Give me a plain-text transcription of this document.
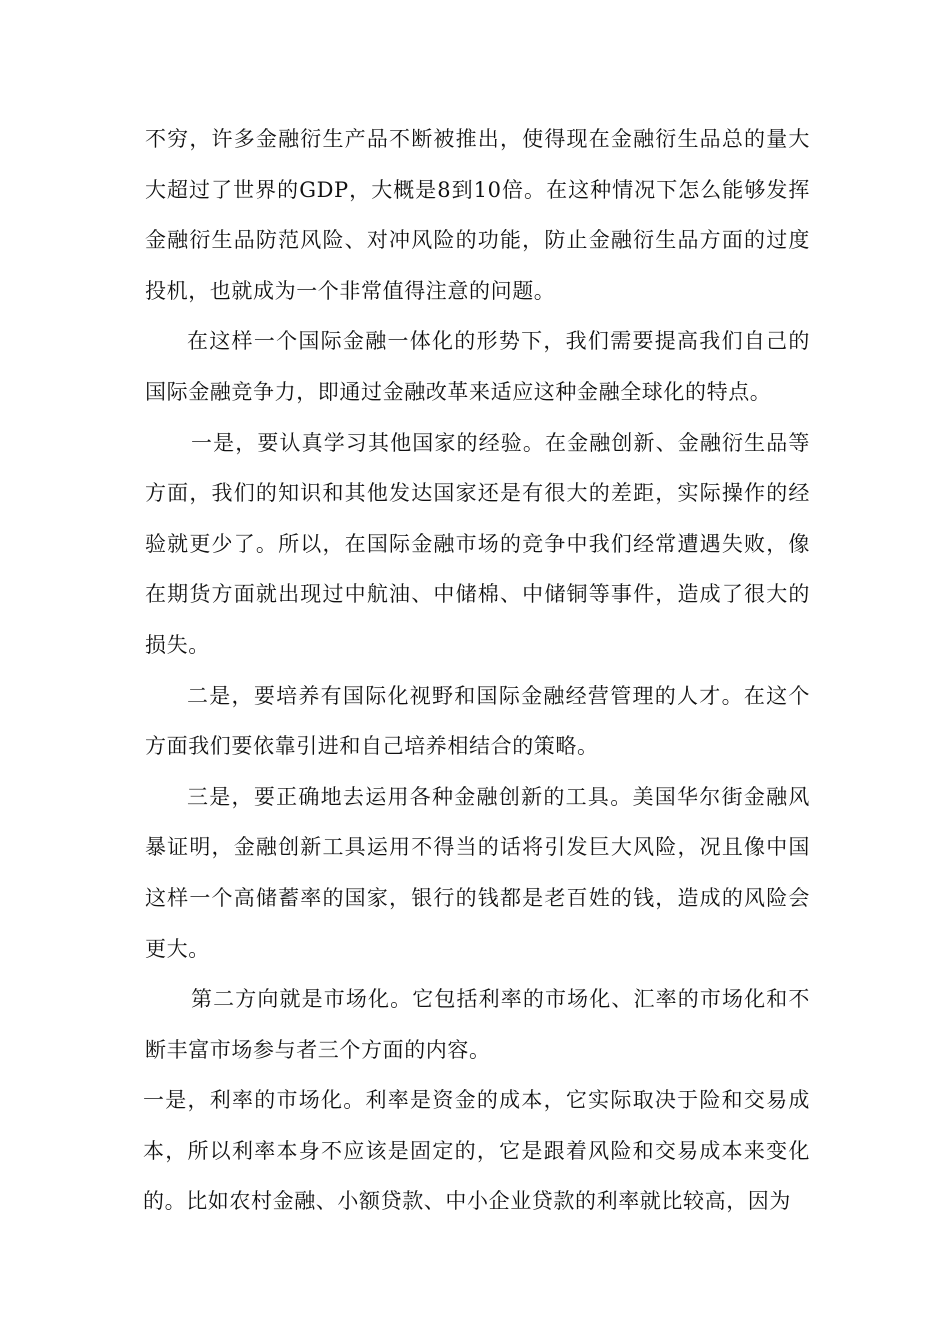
不穷，许多金融衍生产品不断被推出，使得现在金融衍生品总的量大大超过了世界的GDP，大概是8到10倍。在这种情况下怎么能够发挥金融衍生品防范风险、对冲风险的功能，防止金融衍生品方面的过度投机，也就成为一个非常值得注意的问题。

在这样一个国际金融一体化的形势下，我们需要提高我们自己的国际金融竞争力，即通过金融改革来适应这种金融全球化的特点。

一是，要认真学习其他国家的经验。在金融创新、金融衍生品等方面，我们的知识和其他发达国家还是有很大的差距，实际操作的经验就更少了。所以，在国际金融市场的竞争中我们经常遭遇失败，像在期货方面就出现过中航油、中储棉、中储铜等事件，造成了很大的损失。

二是，要培养有国际化视野和国际金融经营管理的人才。在这个方面我们要依靠引进和自己培养相结合的策略。

三是，要正确地去运用各种金融创新的工具。美国华尔街金融风暴证明，金融创新工具运用不得当的话将引发巨大风险，况且像中国这样一个高储蓄率的国家，银行的钱都是老百姓的钱，造成的风险会更大。

第二方向就是市场化。它包括利率的市场化、汇率的市场化和不断丰富市场参与者三个方面的内容。

一是，利率的市场化。利率是资金的成本，它实际取决于险和交易成本，所以利率本身不应该是固定的，它是跟着风险和交易成本来变化的。比如农村金融、小额贷款、中小企业贷款的利率就比较高，因为
